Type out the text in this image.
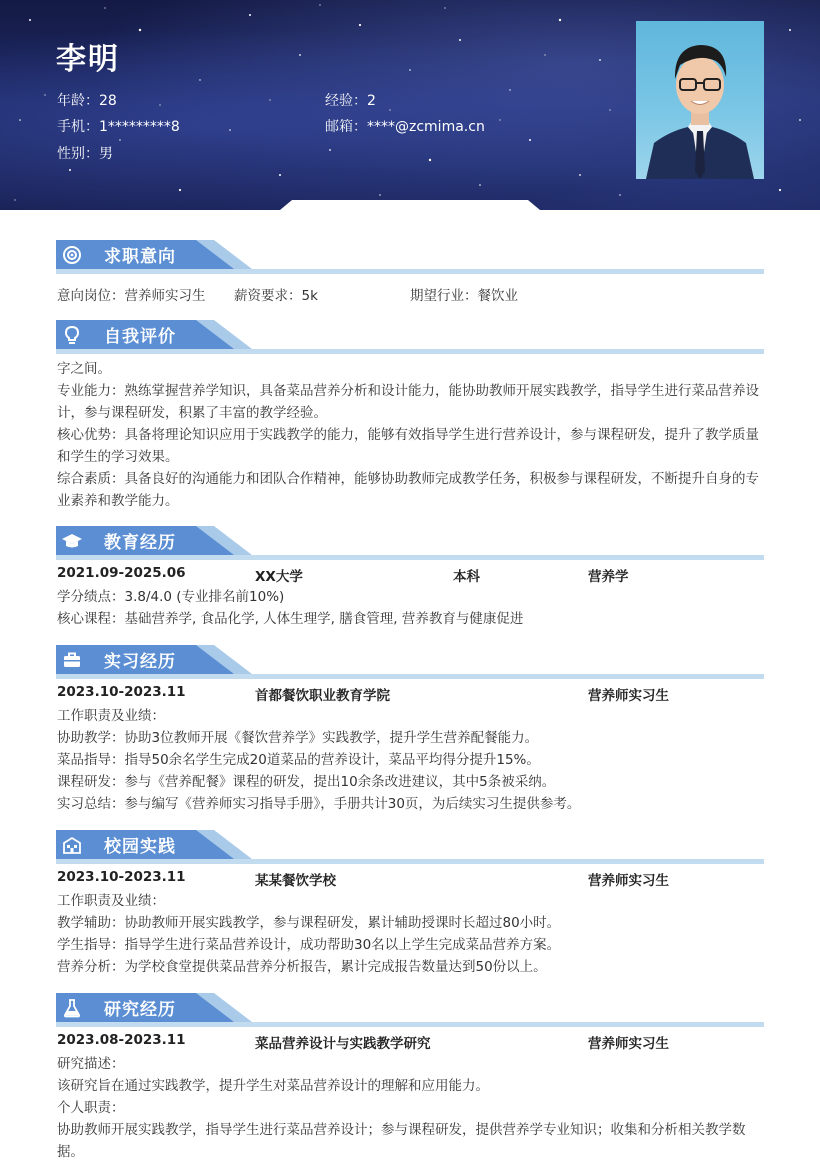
李明
年龄：28	经验：2
手机：1*********8	邮箱：****@zcmima.cn
性别：男
求职意向
意向岗位：营养师实习生 薪资要求：5k	期望行业：餐饮业
自我评价
字之间。
专业能力：熟练掌握营养学知识，具备菜品营养分析和设计能力，能协助教师开展实践教学，指导学生进行菜品营养设计，参与课程研发，积累了丰富的教学经验。
核心优势：具备将理论知识应用于实践教学的能力，能够有效指导学生进行营养设计，参与课程研发，提升了教学质量和学生的学习效果。
综合素质：具备良好的沟通能力和团队合作精神，能够协助教师完成教学任务，积极参与课程研发，不断提升自身的专业素养和教学能力。
教育经历
2021.09-2025.06	XX大学	本科	营养学
学分绩点：3.8/4.0 (专业排名前10%)
核心课程：基础营养学, 食品化学, 人体生理学, 膳食管理, 营养教育与健康促进
实习经历
2023.10-2023.11	首都餐饮职业教育学院	营养师实习生
工作职责及业绩：
协助教学：协助3位教师开展《餐饮营养学》实践教学，提升学生营养配餐能力。
菜品指导：指导50余名学生完成20道菜品的营养设计，菜品平均得分提升15%。
课程研发：参与《营养配餐》课程的研发，提出10余条改进建议，其中5条被采纳。
实习总结：参与编写《营养师实习指导手册》，手册共计30页，为后续实习生提供参考。
校园实践
2023.10-2023.11	某某餐饮学校	营养师实习生
工作职责及业绩：
教学辅助：协助教师开展实践教学，参与课程研发，累计辅助授课时长超过80小时。
学生指导：指导学生进行菜品营养设计，成功帮助30名以上学生完成菜品营养方案。
营养分析：为学校食堂提供菜品营养分析报告，累计完成报告数量达到50份以上。
研究经历
2023.08-2023.11	菜品营养设计与实践教学研究	营养师实习生
研究描述：
该研究旨在通过实践教学，提升学生对菜品营养设计的理解和应用能力。
个人职责：
协助教师开展实践教学，指导学生进行菜品营养设计；参与课程研发，提供营养学专业知识；收集和分析相关教学数据。
